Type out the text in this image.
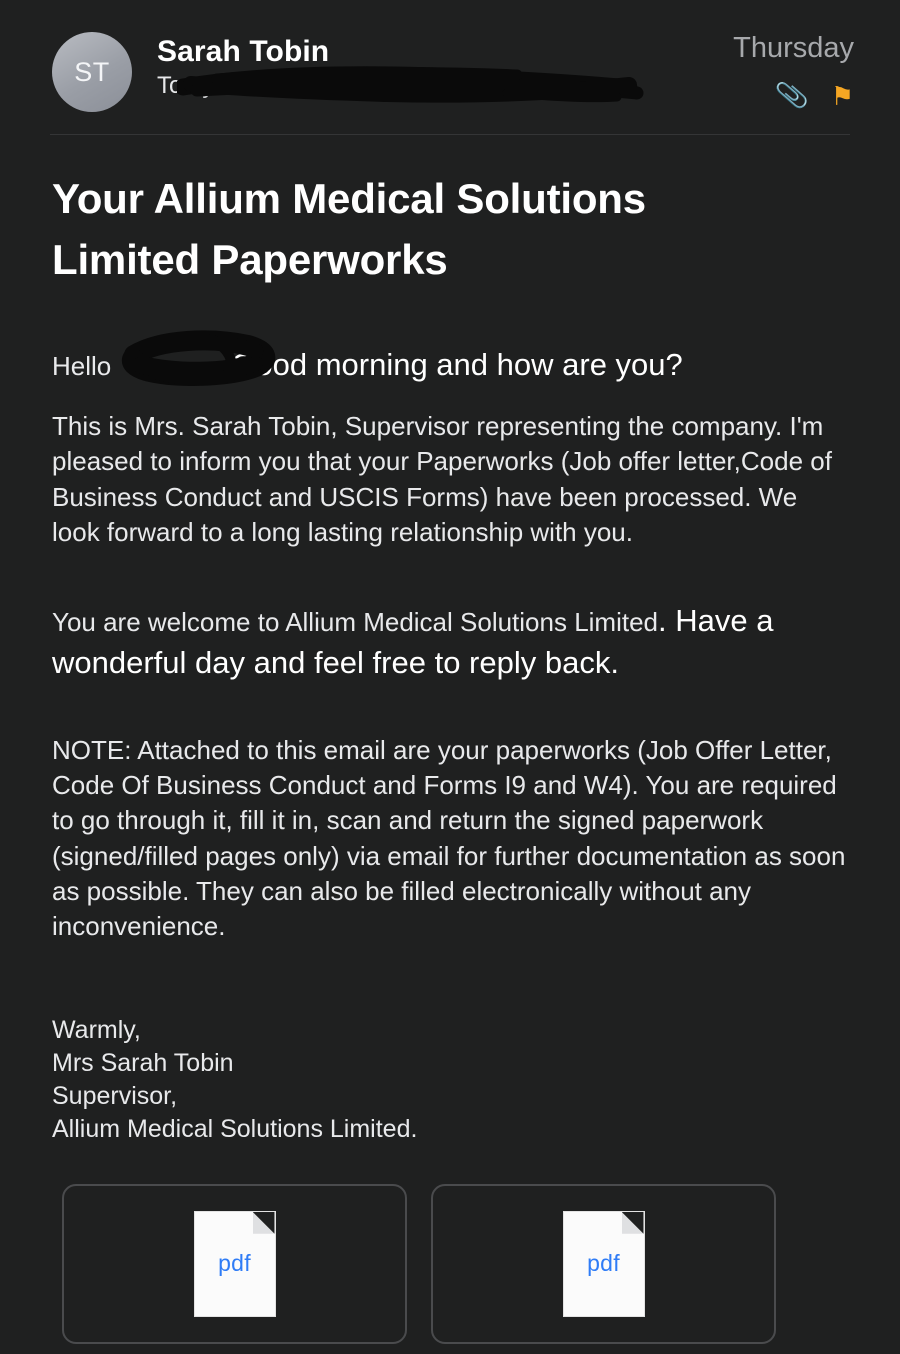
ST
Sarah Tobin
To: tylerdrake01@gmail.com
Thursday
📎 ⚑
Your Allium Medical Solutions Limited Paperworks
Hello	Good morning and how are you?

This is Mrs. Sarah Tobin, Supervisor representing the company. I'm pleased to inform you that your Paperworks (Job offer letter,Code of Business Conduct and USCIS Forms) have been processed. We look forward to a long lasting relationship with you.

You are welcome to Allium Medical Solutions Limited. Have a wonderful day and feel free to reply back.

NOTE: Attached to this email are your paperworks (Job Offer Letter, Code Of Business Conduct and Forms I9 and W4). You are required to go through it, fill it in, scan and return the signed paperwork (signed/filled pages only) via email for further documentation as soon as possible. They can also be filled electronically without any inconvenience.

Warmly,
Mrs Sarah Tobin
Supervisor,
Allium Medical Solutions Limited.
pdf	pdf
